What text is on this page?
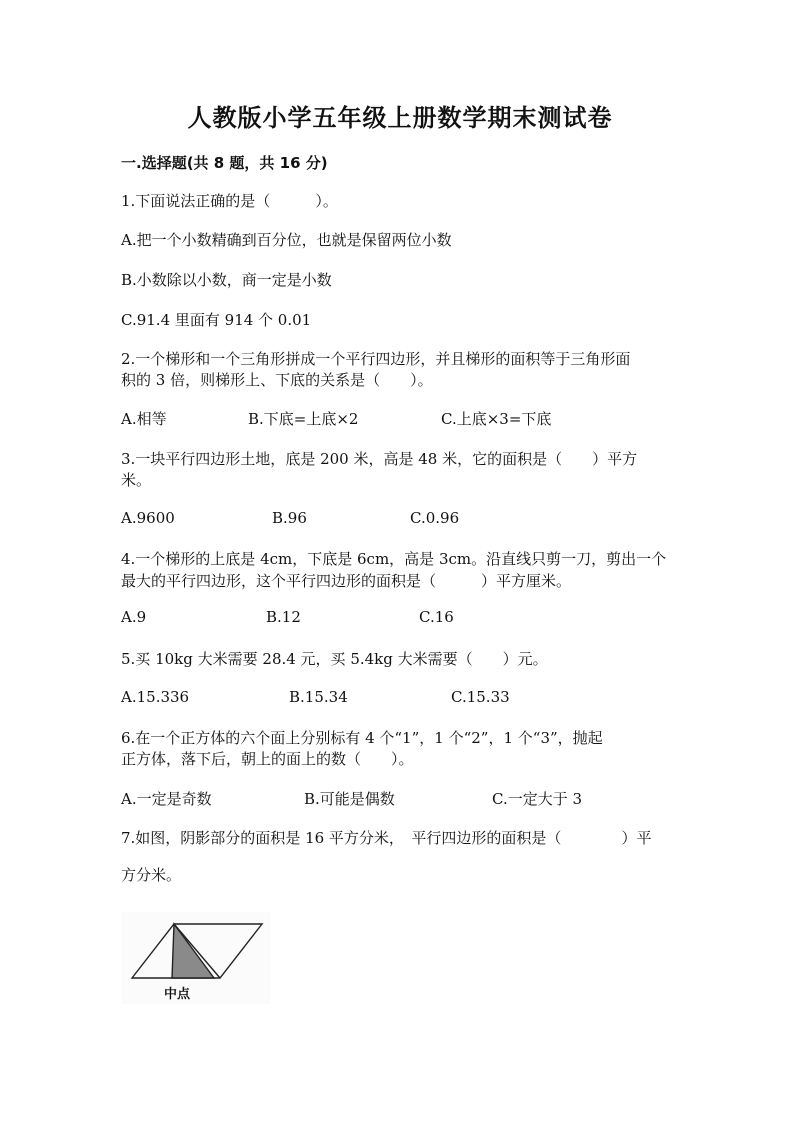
人教版小学五年级上册数学期末测试卷
一.选择题(共 8 题，共 16 分)
1.下面说法正确的是（　　　）。
A.把一个小数精确到百分位，也就是保留两位小数
B.小数除以小数，商一定是小数
C.91.4 里面有 914 个 0.01
2.一个梯形和一个三角形拼成一个平行四边形，并且梯形的面积等于三角形面
积的 3 倍，则梯形上、下底的关系是（　　）。
A.相等	B.下底=上底×2	C.上底×3=下底
3.一块平行四边形土地，底是 200 米，高是 48 米，它的面积是（　　）平方
米。
A.9600	B.96	C.0.96
4.一个梯形的上底是 4cm，下底是 6cm，高是 3cm。沿直线只剪一刀，剪出一个
最大的平行四边形，这个平行四边形的面积是（　　　）平方厘米。
A.9	B.12	C.16
5.买 10kg 大米需要 28.4 元，买 5.4kg 大米需要（　　）元。
A.15.336	B.15.34	C.15.33
6.在一个正方体的六个面上分别标有 4 个“1”，1 个“2”，1 个“3”，抛起
正方体，落下后，朝上的面上的数（　　）。
A.一定是奇数	B.可能是偶数	C.一定大于 3
7.如图，阴影部分的面积是 16 平方分米，　平行四边形的面积是（　　　　）平
方分米。
中点
